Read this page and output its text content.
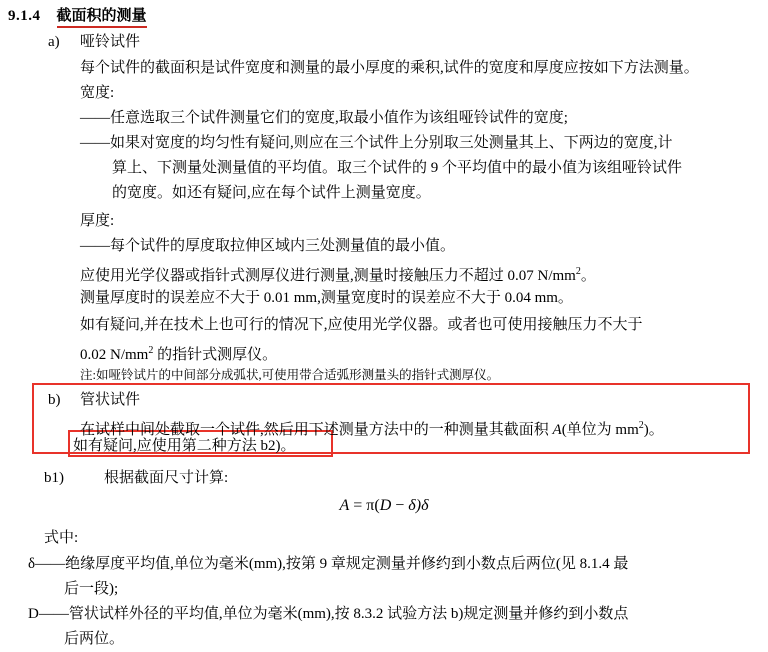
9.1.4 截面积的测量
a) 哑铃试件
每个试件的截面积是试件宽度和测量的最小厚度的乘积,试件的宽度和厚度应按如下方法测量。
宽度:
——任意选取三个试件测量它们的宽度,取最小值作为该组哑铃试件的宽度;
——如果对宽度的均匀性有疑问,则应在三个试件上分别取三处测量其上、下两边的宽度,计
算上、下测量处测量值的平均值。取三个试件的 9 个平均值中的最小值为该组哑铃试件
的宽度。如还有疑问,应在每个试件上测量宽度。
厚度:
——每个试件的厚度取拉伸区域内三处测量值的最小值。
应使用光学仪器或指针式测厚仪进行测量,测量时接触压力不超过 0.07 $N/mm^2$。
测量厚度时的误差应不大于 0.01 mm,测量宽度时的误差应不大于 0.04 mm。
如有疑问,并在技术上也可行的情况下,应使用光学仪器。或者也可使用接触压力不大于
0.02 $N/mm^2$ 的指针式测厚仪。
注:如哑铃试片的中间部分成弧状,可使用带合适弧形测量头的指针式测厚仪。
b) 管状试件
在试样中间处截取一个试件,然后用下述测量方法中的一种测量其截面积 A(单位为 $mm^2$)。
如有疑问,应使用第二种方法 b2)。
b1)	根据截面尺寸计算:
A = π(D − δ)δ
式中:
δ——绝缘厚度平均值,单位为毫米(mm),按第 9 章规定测量并修约到小数点后两位(见 8.1.4 最
后一段);
D——管状试样外径的平均值,单位为毫米(mm),按 8.3.2 试验方法 b)规定测量并修约到小数点
后两位。
